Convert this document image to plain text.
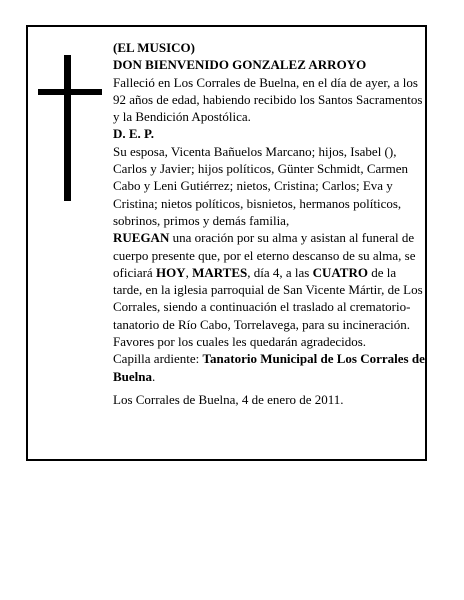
(EL MUSICO)

DON BIENVENIDO GONZALEZ ARROYO

Falleció en Los Corrales de Buelna, en el día de ayer, a los 92 años de edad, habiendo recibido los Santos Sacramentos y la Bendición Apostólica.

D. E. P.

Su esposa, Vicenta Bañuelos Marcano; hijos, Isabel (), Carlos y Javier; hijos políticos, Günter Schmidt, Carmen Cabo y Leni Gutiérrez; nietos, Cristina; Carlos; Eva y Cristina; nietos políticos, bisnietos, hermanos políticos, sobrinos, primos y demás familia,

RUEGAN una oración por su alma y asistan al funeral de cuerpo presente que, por el eterno descanso de su alma, se oficiará HOY, MARTES, día 4, a las CUATRO de la tarde, en la iglesia parroquial de San Vicente Mártir, de Los Corrales, siendo a continuación el traslado al crematorio-tanatorio de Río Cabo, Torrelavega, para su incineración. Favores por los cuales les quedarán agradecidos.

Capilla ardiente: Tanatorio Municipal de Los Corrales de Buelna.

Los Corrales de Buelna, 4 de enero de 2011.
